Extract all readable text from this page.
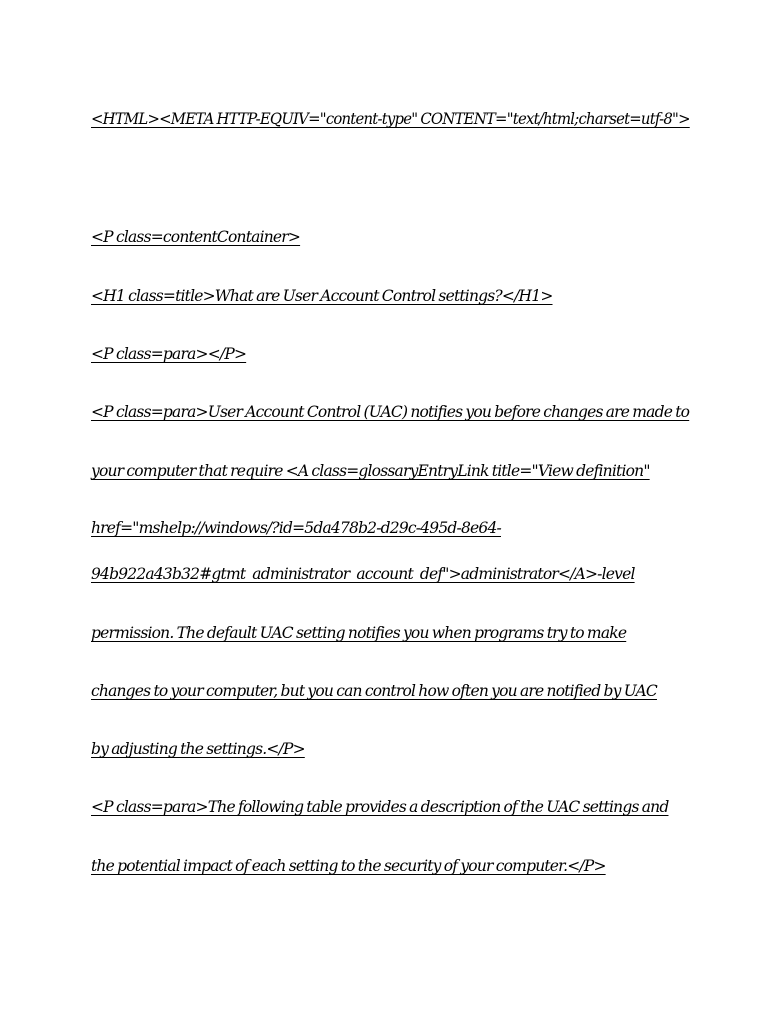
<HTML><META HTTP-EQUIV="content-type" CONTENT="text/html;charset=utf-8">
<P class=contentContainer>
<H1 class=title>What are User Account Control settings?</H1>
<P class=para></P>
<P class=para>User Account Control (UAC) notifies you before changes are made to
your computer that require <A class=glossaryEntryLink title="View definition"
href="mshelp://windows/?id=5da478b2-d29c-495d-8e64-
94b922a43b32#gtmt_administrator_account_def">administrator</A>-level
permission. The default UAC setting notifies you when programs try to make
changes to your computer, but you can control how often you are notified by UAC
by adjusting the settings.</P>
<P class=para>The following table provides a description of the UAC settings and
the potential impact of each setting to the security of your computer.</P>
